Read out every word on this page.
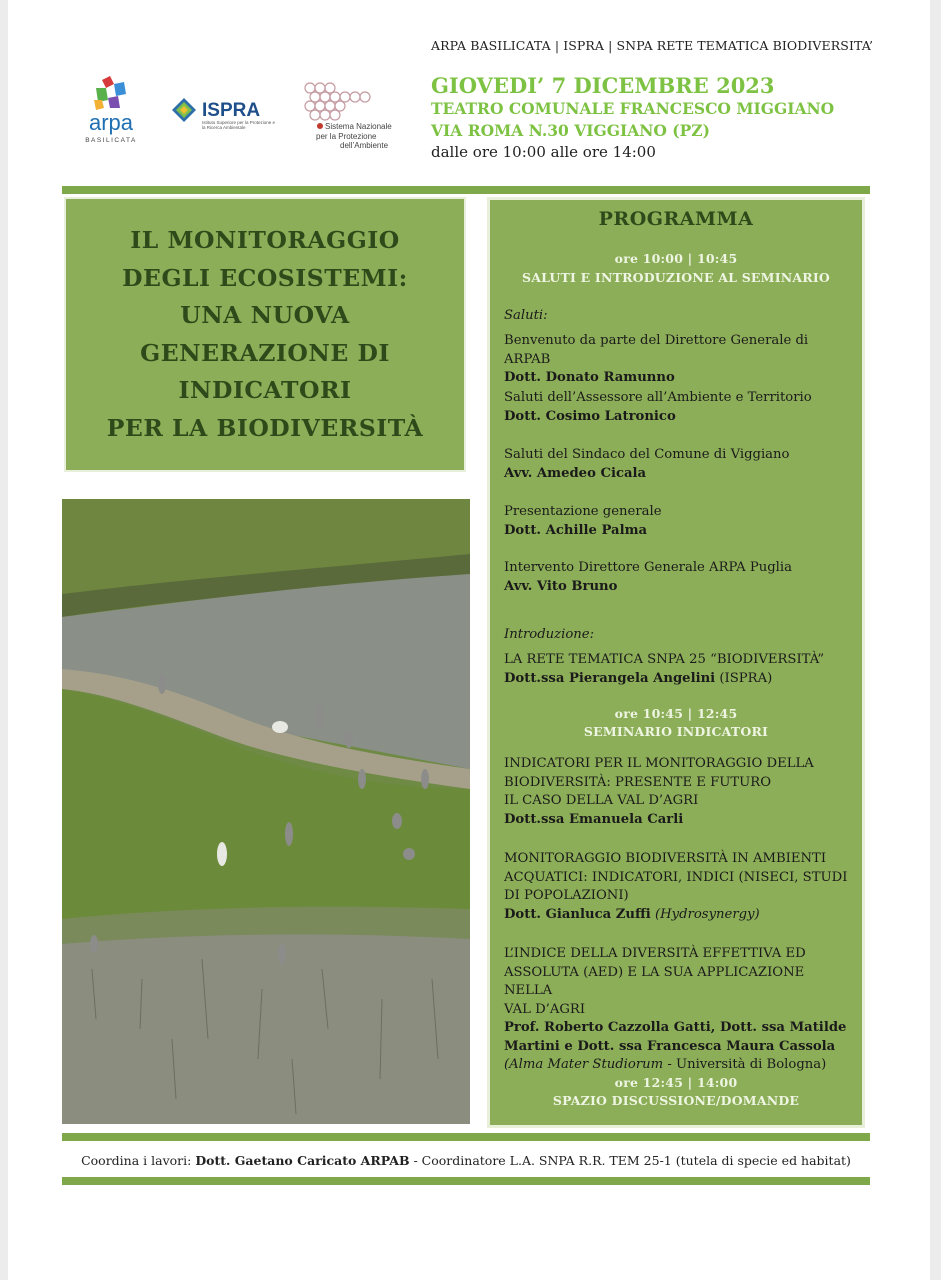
ARPA BASILICATA | ISPRA | SNPA RETE TEMATICA BIODIVERSITA’
GIOVEDI’ 7 DICEMBRE 2023
TEATRO COMUNALE FRANCESCO MIGGIANO
VIA ROMA N.30 VIGGIANO (PZ)
dalle ore 10:00 alle ore 14:00
arpa
BASILICATA
ISPRA
Istituto Superiore per la Protezione e la Ricerca Ambientale	Sistema Nazionale
per la Protezione
dell’Ambiente
IL MONITORAGGIO
DEGLI ECOSISTEMI:
UNA NUOVA
GENERAZIONE DI
INDICATORI
PER LA BIODIVERSITÀ
PROGRAMMA
ore 10:00 | 10:45
SALUTI E INTRODUZIONE AL SEMINARIO
Saluti:
Benvenuto da parte del Direttore Generale di ARPAB
Dott. Donato Ramunno
Saluti dell’Assessore all’Ambiente e Territorio
Dott. Cosimo Latronico
Saluti del Sindaco del Comune di Viggiano
Avv. Amedeo Cicala
Presentazione generale
Dott. Achille Palma
Intervento Direttore Generale ARPA Puglia
Avv. Vito Bruno
Introduzione:
LA RETE TEMATICA SNPA 25 “BIODIVERSITÀ”
Dott.ssa Pierangela Angelini (ISPRA)
ore 10:45 | 12:45
SEMINARIO INDICATORI
INDICATORI PER IL MONITORAGGIO DELLA
BIODIVERSITÀ: PRESENTE E FUTURO
IL CASO DELLA VAL D’AGRI
Dott.ssa Emanuela Carli
MONITORAGGIO BIODIVERSITÀ IN AMBIENTI
ACQUATICI: INDICATORI, INDICI (NISECI, STUDI
DI POPOLAZIONI)
Dott. Gianluca Zuffi (Hydrosynergy)
L’INDICE DELLA DIVERSITÀ EFFETTIVA ED
ASSOLUTA (AED) E LA SUA APPLICAZIONE NELLA
VAL D’AGRI
Prof. Roberto Cazzolla Gatti, Dott. ssa Matilde
Martini e Dott. ssa Francesca Maura Cassola
(Alma Mater Studiorum - Università di Bologna)
ore 12:45 | 14:00
SPAZIO DISCUSSIONE/DOMANDE
Coordina i lavori: Dott. Gaetano Caricato ARPAB - Coordinatore L.A. SNPA R.R. TEM 25-1 (tutela di specie ed habitat)
